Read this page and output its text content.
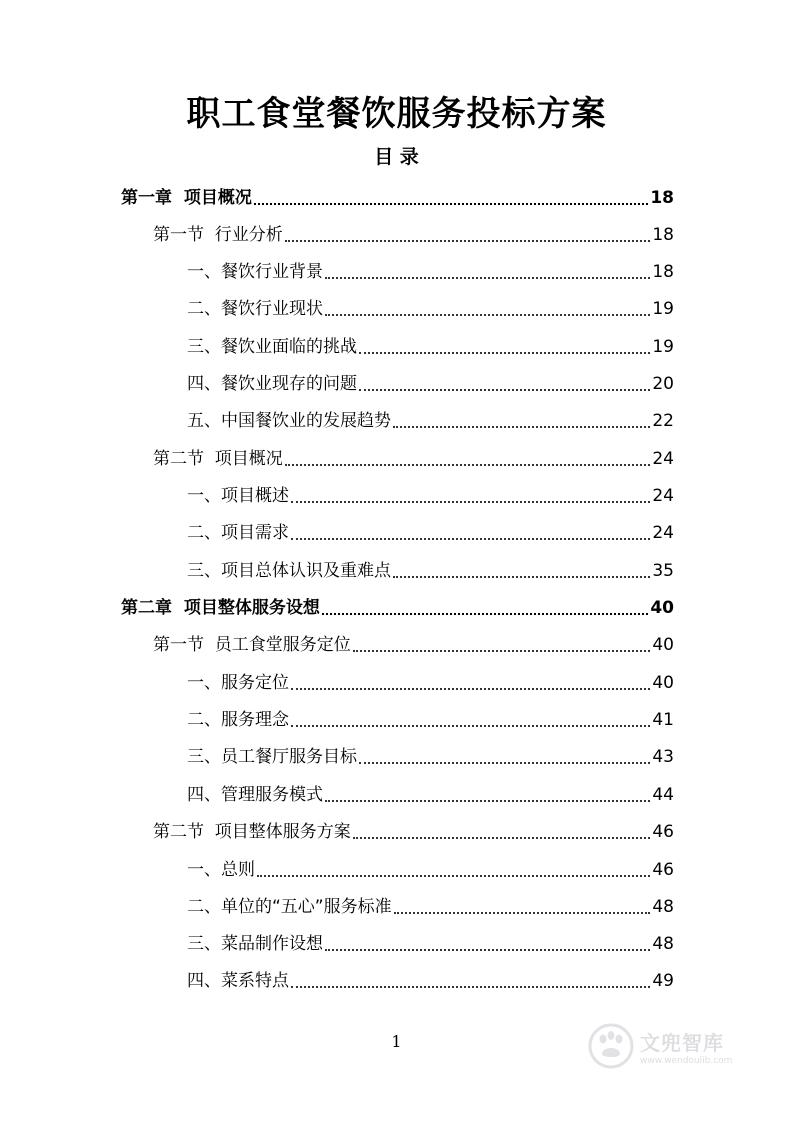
职工食堂餐饮服务投标方案
目 录
第一章  项目概况	18
第一节  行业分析	18
一、餐饮行业背景	18
二、餐饮行业现状	19
三、餐饮业面临的挑战	19
四、餐饮业现存的问题	20
五、中国餐饮业的发展趋势	22
第二节  项目概况	24
一、项目概述	24
二、项目需求	24
三、项目总体认识及重难点	35
第二章  项目整体服务设想	40
第一节  员工食堂服务定位	40
一、服务定位	40
二、服务理念	41
三、员工餐厅服务目标	43
四、管理服务模式	44
第二节  项目整体服务方案	46
一、总则	46
二、单位的“五心”服务标准	48
三、菜品制作设想	48
四、菜系特点	49
1	文兜智库
www.wendoulib.com
